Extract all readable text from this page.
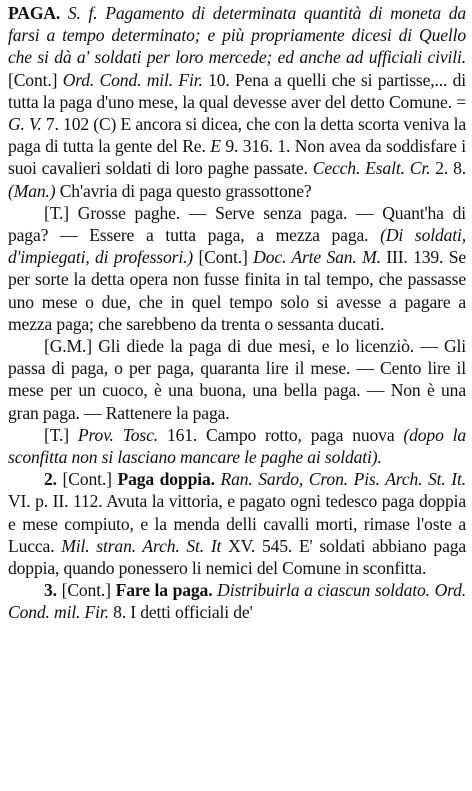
PAGA. S. f. Pagamento di determinata quantità di moneta da farsi a tempo determinato; e più propriamente dicesi di Quello che si dà a' soldati per loro mercede; ed anche ad ufficiali civili. [Cont.] Ord. Cond. mil. Fir. 10. Pena a quelli che si partisse,... di tutta la paga d'uno mese, la qual devesse aver del detto Comune. = G. V. 7. 102 (C) E ancora si dicea, che con la detta scorta veniva la paga di tutta la gente del Re. E 9. 316. 1. Non avea da soddisfare i suoi cavalieri soldati di loro paghe passate. Cecch. Esalt. Cr. 2. 8. (Man.) Ch'avria di paga questo grassottone?

[T.] Grosse paghe. — Serve senza paga. — Quant'ha di paga? — Essere a tutta paga, a mezza paga. (Di soldati, d'impiegati, di professori.) [Cont.] Doc. Arte San. M. III. 139. Se per sorte la detta opera non fusse finita in tal tempo, che passasse uno mese o due, che in quel tempo solo si avesse a pagare a mezza paga; che sarebbeno da trenta o sessanta ducati.

[G.M.] Gli diede la paga di due mesi, e lo licenziò. — Gli passa di paga, o per paga, quaranta lire il mese. — Cento lire il mese per un cuoco, è una buona, una bella paga. — Non è una gran paga. — Rattenere la paga.

[T.] Prov. Tosc. 161. Campo rotto, paga nuova (dopo la sconfitta non si lasciano mancare le paghe ai soldati).

2. [Cont.] Paga doppia. Ran. Sardo, Cron. Pis. Arch. St. It. VI. p. II. 112. Avuta la vittoria, e pagato ogni tedesco paga doppia e mese compiuto, e la menda delli cavalli morti, rimase l'oste a Lucca. Mil. stran. Arch. St. It XV. 545. E' soldati abbiano paga doppia, quando ponessero li nemici del Comune in sconfitta.

3. [Cont.] Fare la paga. Distribuirla a ciascun soldato. Ord. Cond. mil. Fir. 8. I detti officiali de'
